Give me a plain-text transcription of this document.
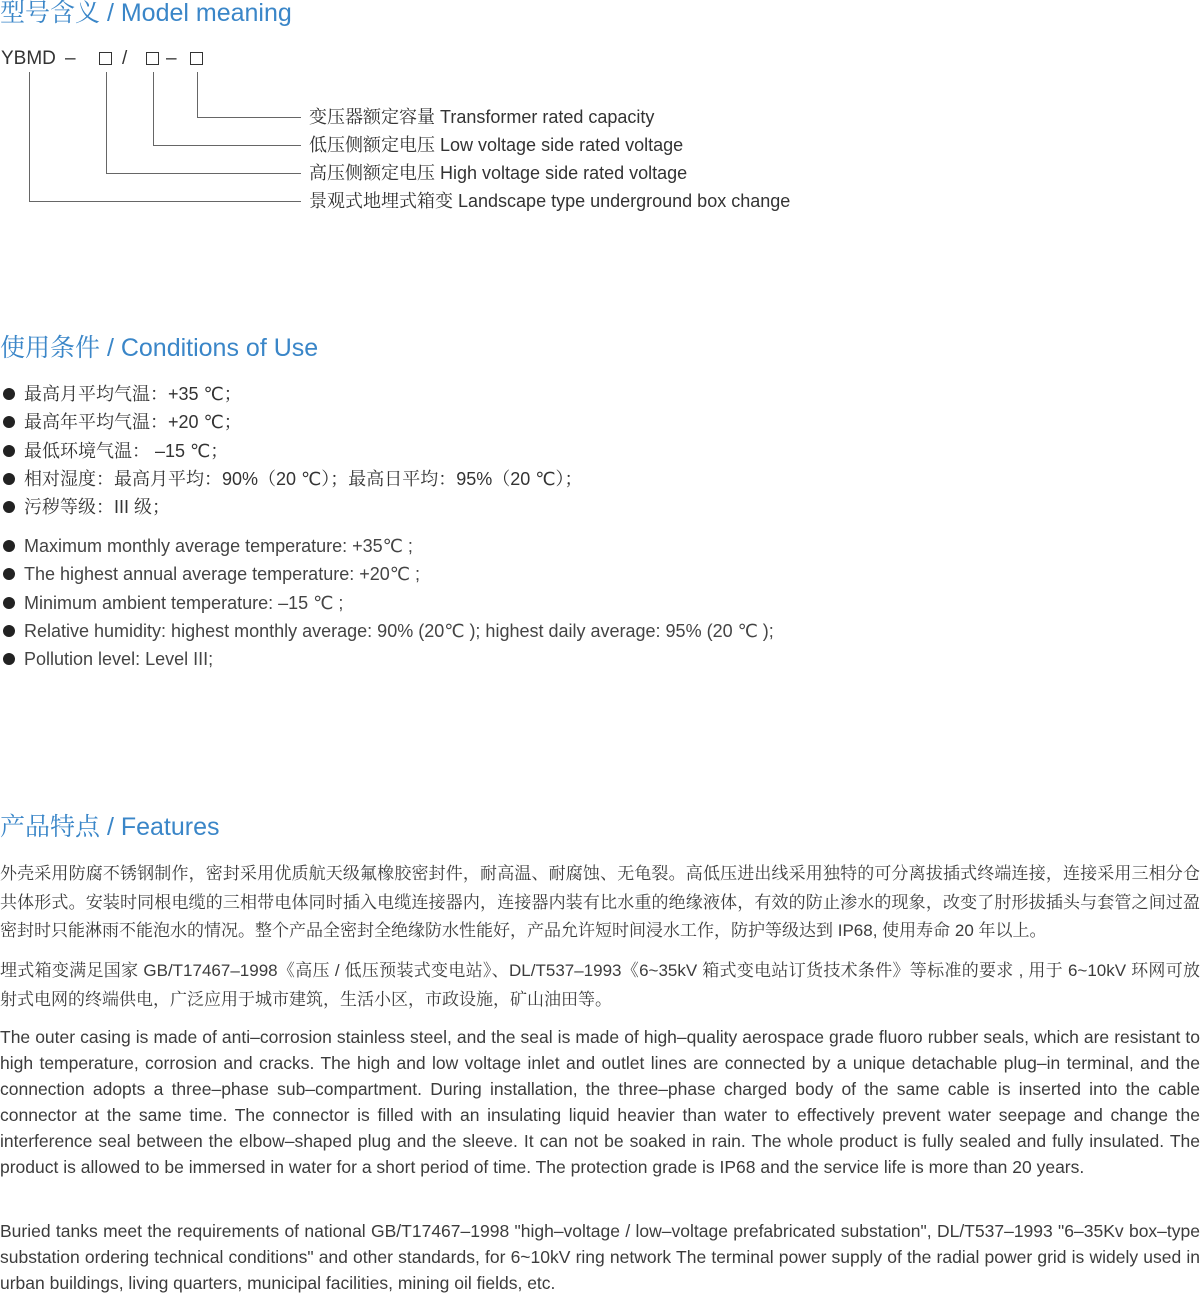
型号含义 / Model meaning
YBMD – / –
变压器额定容量 Transformer rated capacity
低压侧额定电压 Low voltage side rated voltage
高压侧额定电压 High voltage side rated voltage
景观式地埋式箱变 Landscape type underground box change
使用条件 / Conditions of Use
最高月平均气温：+35 ℃；
最高年平均气温：+20 ℃；
最低环境气温： –15 ℃；
相对湿度：最高月平均：90%（20 ℃）；最高日平均：95%（20 ℃）；
污秽等级：III 级；
Maximum monthly average temperature: +35℃ ;
The highest annual average temperature: +20℃ ;
Minimum ambient temperature: –15 ℃ ;
Relative humidity: highest monthly average: 90% (20℃ ); highest daily average: 95% (20 ℃ );
Pollution level: Level III;
产品特点 / Features

外壳采用防腐不锈钢制作，密封采用优质航天级氟橡胶密封件，耐高温、耐腐蚀、无龟裂。高低压进出线采用独特的可分离拔插式终端连接，连接采用三相分仓共体形式。安装时同根电缆的三相带电体同时插入电缆连接器内，连接器内装有比水重的绝缘液体，有效的防止渗水的现象，改变了肘形拔插头与套管之间过盈密封时只能淋雨不能泡水的情况。整个产品全密封全绝缘防水性能好，产品允许短时间浸水工作，防护等级达到 IP68, 使用寿命 20 年以上。

埋式箱变满足国家 GB/T17467–1998《高压 / 低压预装式变电站》、DL/T537–1993《6~35kV 箱式变电站订货技术条件》等标准的要求 , 用于 6~10kV 环网可放射式电网的终端供电，广泛应用于城市建筑，生活小区，市政设施，矿山油田等。

The outer casing is made of anti–corrosion stainless steel, and the seal is made of high–quality aerospace grade fluoro rubber seals, which are resistant to high temperature, corrosion and cracks. The high and low voltage inlet and outlet lines are connected by a unique detachable plug–in terminal, and the connection adopts a three–phase sub–compartment. During installation, the three–phase charged body of the same cable is inserted into the cable connector at the same time. The connector is filled with an insulating liquid heavier than water to effectively prevent water seepage and change the interference seal between the elbow–shaped plug and the sleeve. It can not be soaked in rain. The whole product is fully sealed and fully insulated. The product is allowed to be immersed in water for a short period of time. The protection grade is IP68 and the service life is more than 20 years.

Buried tanks meet the requirements of national GB/T17467–1998 "high–voltage / low–voltage prefabricated substation", DL/T537–1993 "6–35Kv box–type substation ordering technical conditions" and other standards, for 6~10kV ring network The terminal power supply of the radial power grid is widely used in urban buildings, living quarters, municipal facilities, mining oil fields, etc.
